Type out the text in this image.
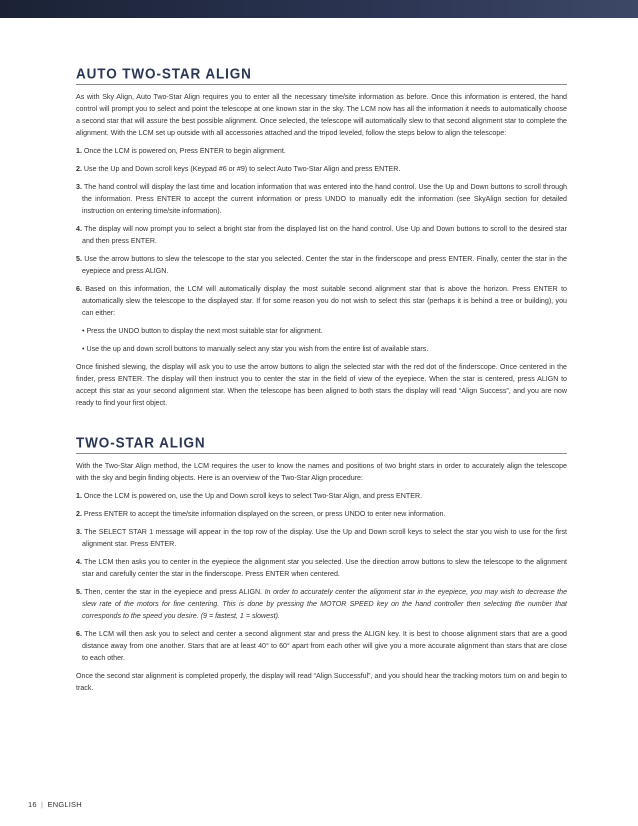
AUTO TWO-STAR ALIGN

As with Sky Align, Auto Two-Star Align requires you to enter all the necessary time/site information as before. Once this information is entered, the hand control will prompt you to select and point the telescope at one known star in the sky. The LCM now has all the information it needs to automatically choose a second star that will assure the best possible alignment. Once selected, the telescope will automatically slew to that second alignment star to complete the alignment. With the LCM set up outside with all accessories attached and the tripod leveled, follow the steps below to align the telescope:

1. Once the LCM is powered on, Press ENTER to begin alignment.

2. Use the Up and Down scroll keys (Keypad #6 or #9) to select Auto Two-Star Align and press ENTER.

3. The hand control will display the last time and location information that was entered into the hand control. Use the Up and Down buttons to scroll through the information. Press ENTER to accept the current information or press UNDO to manually edit the information (see SkyAlign section for detailed instruction on entering time/site information).

4. The display will now prompt you to select a bright star from the displayed list on the hand control. Use Up and Down buttons to scroll to the desired star and then press ENTER.

5. Use the arrow buttons to slew the telescope to the star you selected. Center the star in the finderscope and press ENTER. Finally, center the star in the eyepiece and press ALIGN.

6. Based on this information, the LCM will automatically display the most suitable second alignment star that is above the horizon. Press ENTER to automatically slew the telescope to the displayed star. If for some reason you do not wish to select this star (perhaps it is behind a tree or building), you can either:

• Press the UNDO button to display the next most suitable star for alignment.

• Use the up and down scroll buttons to manually select any star you wish from the entire list of available stars.

Once finished slewing, the display will ask you to use the arrow buttons to align the selected star with the red dot of the finderscope. Once centered in the finder, press ENTER. The display will then instruct you to center the star in the field of view of the eyepiece. When the star is centered, press ALIGN to accept this star as your second alignment star. When the telescope has been aligned to both stars the display will read “Align Success”, and you are now ready to find your first object.

TWO-STAR ALIGN

With the Two-Star Align method, the LCM requires the user to know the names and positions of two bright stars in order to accurately align the telescope with the sky and begin finding objects. Here is an overview of the Two-Star Align procedure:

1. Once the LCM is powered on, use the Up and Down scroll keys to select Two-Star Align, and press ENTER.

2. Press ENTER to accept the time/site information displayed on the screen, or press UNDO to enter new information.

3. The SELECT STAR 1 message will appear in the top row of the display. Use the Up and Down scroll keys to select the star you wish to use for the first alignment star. Press ENTER.

4. The LCM then asks you to center in the eyepiece the alignment star you selected. Use the direction arrow buttons to slew the telescope to the alignment star and carefully center the star in the finderscope. Press ENTER when centered.

5. Then, center the star in the eyepiece and press ALIGN. In order to accurately center the alignment star in the eyepiece, you may wish to decrease the slew rate of the motors for fine centering. This is done by pressing the MOTOR SPEED key on the hand controller then selecting the number that corresponds to the speed you desire. (9 = fastest, 1 = slowest).

6. The LCM will then ask you to select and center a second alignment star and press the ALIGN key. It is best to choose alignment stars that are a good distance away from one another. Stars that are at least 40° to 60° apart from each other will give you a more accurate alignment than stars that are close to each other.

Once the second star alignment is completed properly, the display will read “Align Successful”, and you should hear the tracking motors turn on and begin to track.

16 | ENGLISH
